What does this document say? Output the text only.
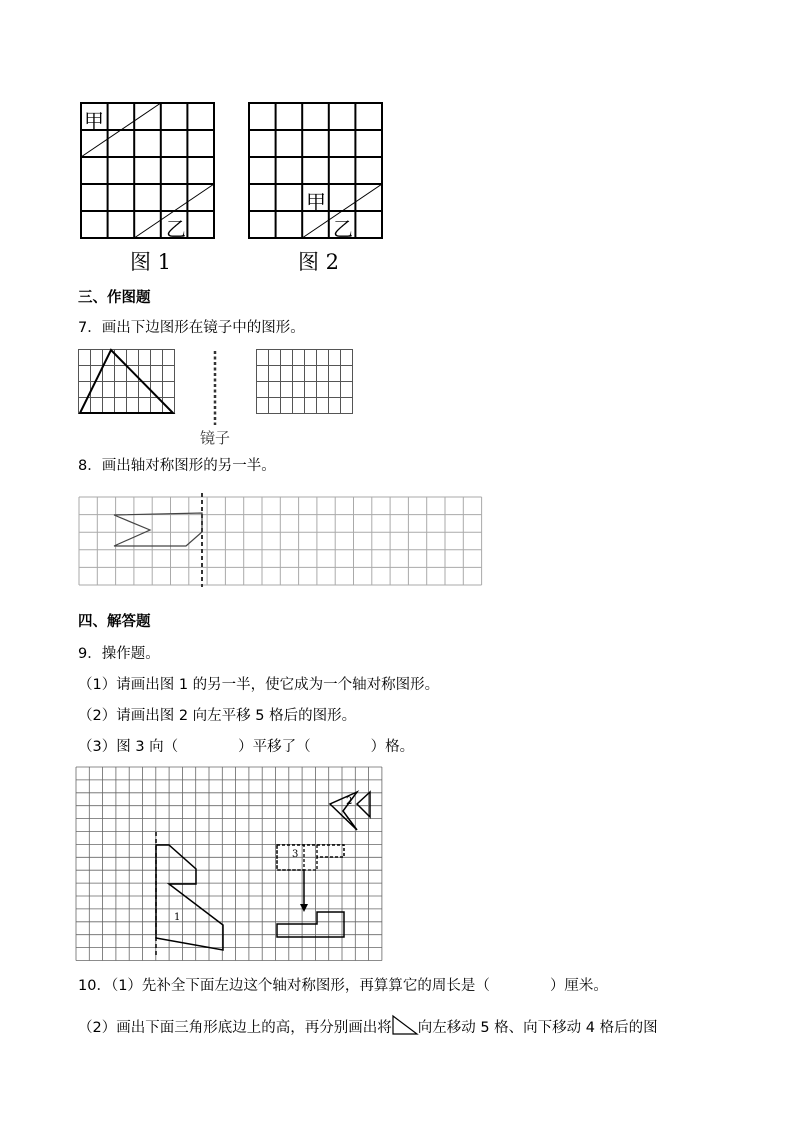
甲
乙
图 1
甲
乙
图 2
三、作图题
7．画出下边图形在镜子中的图形。
镜子
8．画出轴对称图形的另一半。
四、解答题
9．操作题。
（1）请画出图 1 的另一半，使它成为一个轴对称图形。
（2）请画出图 2 向左平移 5 格后的图形。
（3）图 3 向（	）平移了（	）格。
1
2
3
10．（1）先补全下面左边这个轴对称图形，再算算它的周长是（	）厘米。
（2）画出下面三角形底边上的高，再分别画出将 向左移动 5 格、向下移动 4 格后的图
